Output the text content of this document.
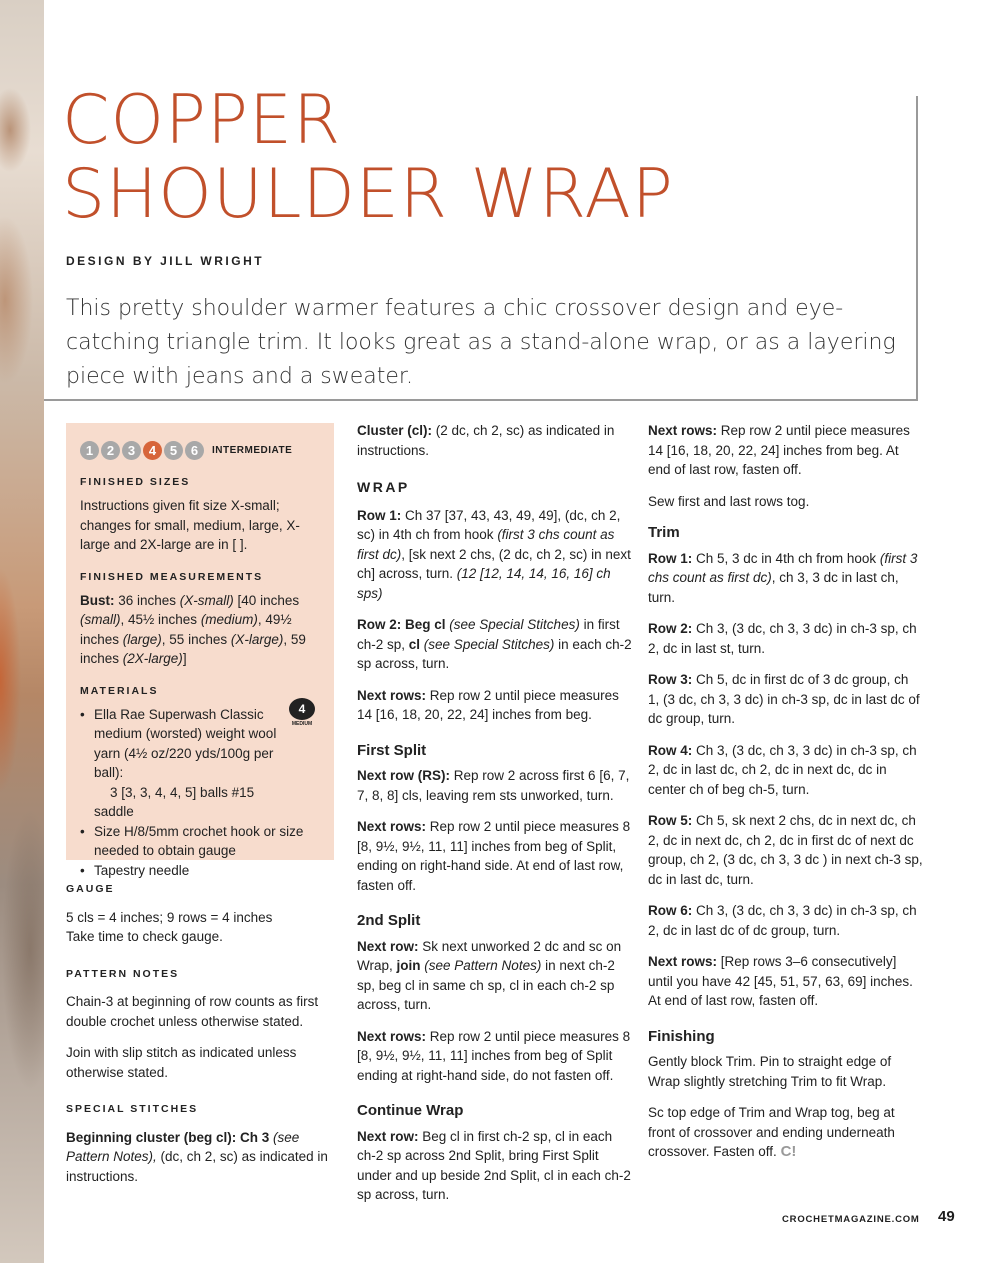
COPPER
SHOULDER WRAP
DESIGN BY JILL WRIGHT
This pretty shoulder warmer features a chic crossover design and eye-catching triangle trim. It looks great as a stand-alone wrap, or as a layering piece with jeans and a sweater.
1	2	3	4	5	6	INTERMEDIATE
FINISHED SIZES

Instructions given fit size X-small; changes for small, medium, large, X-large and 2X-large are in [ ].

FINISHED MEASUREMENTS

Bust: 36 inches (X-small) [40 inches (small), 45½ inches (medium), 49½ inches (large), 55 inches (X-large), 59 inches (2X-large)]

MATERIALS
• Ella Rae Superwash Classic medium (worsted) weight wool yarn (4½ oz/220 yds/100g per ball):
3 [3, 3, 4, 4, 5] balls #15 saddle
• Size H/8/5mm crochet hook or size needed to obtain gauge
• Tapestry needle
4
MEDIUM
GAUGE

5 cls = 4 inches; 9 rows = 4 inches
Take time to check gauge.

PATTERN NOTES

Chain-3 at beginning of row counts as first double crochet unless otherwise stated.

Join with slip stitch as indicated unless otherwise stated.

SPECIAL STITCHES

Beginning cluster (beg cl): Ch 3 (see Pattern Notes), (dc, ch 2, sc) as indicated in instructions.

Cluster (cl): (2 dc, ch 2, sc) as indicated in instructions.

WRAP

Row 1: Ch 37 [37, 43, 43, 49, 49], (dc, ch 2, sc) in 4th ch from hook (first 3 chs count as first dc), [sk next 2 chs, (2 dc, ch 2, sc) in next ch] across, turn. (12 [12, 14, 14, 16, 16] ch sps)

Row 2: Beg cl (see Special Stitches) in first ch-2 sp, cl (see Special Stitches) in each ch-2 sp across, turn.

Next rows: Rep row 2 until piece measures 14 [16, 18, 20, 22, 24] inches from beg.

First Split

Next row (RS): Rep row 2 across first 6 [6, 7, 7, 8, 8] cls, leaving rem sts unworked, turn.

Next rows: Rep row 2 until piece measures 8 [8, 9½, 9½, 11, 11] inches from beg of Split, ending on right-hand side. At end of last row, fasten off.

2nd Split

Next row: Sk next unworked 2 dc and sc on Wrap, join (see Pattern Notes) in next ch-2 sp, beg cl in same ch sp, cl in each ch-2 sp across, turn.

Next rows: Rep row 2 until piece measures 8 [8, 9½, 9½, 11, 11] inches from beg of Split ending at right-hand side, do not fasten off.

Continue Wrap

Next row: Beg cl in first ch-2 sp, cl in each ch-2 sp across 2nd Split, bring First Split under and up beside 2nd Split, cl in each ch-2 sp across, turn.

Next rows: Rep row 2 until piece measures 14 [16, 18, 20, 22, 24] inches from beg. At end of last row, fasten off.

Sew first and last rows tog.

Trim

Row 1: Ch 5, 3 dc in 4th ch from hook (first 3 chs count as first dc), ch 3, 3 dc in last ch, turn.

Row 2: Ch 3, (3 dc, ch 3, 3 dc) in ch-3 sp, ch 2, dc in last st, turn.

Row 3: Ch 5, dc in first dc of 3 dc group, ch 1, (3 dc, ch 3, 3 dc) in ch-3 sp, dc in last dc of dc group, turn.

Row 4: Ch 3, (3 dc, ch 3, 3 dc) in ch-3 sp, ch 2, dc in last dc, ch 2, dc in next dc, dc in center ch of beg ch-5, turn.

Row 5: Ch 5, sk next 2 chs, dc in next dc, ch 2, dc in next dc, ch 2, dc in first dc of next dc group, ch 2, (3 dc, ch 3, 3 dc ) in next ch-3 sp, dc in last dc, turn.

Row 6: Ch 3, (3 dc, ch 3, 3 dc) in ch-3 sp, ch 2, dc in last dc of dc group, turn.

Next rows: [Rep rows 3–6 consecutively] until you have 42 [45, 51, 57, 63, 69] inches. At end of last row, fasten off.

Finishing

Gently block Trim. Pin to straight edge of Wrap slightly stretching Trim to fit Wrap.

Sc top edge of Trim and Wrap tog, beg at front of crossover and ending underneath crossover. Fasten off. C!

CROCHETMAGAZINE.COM 49
